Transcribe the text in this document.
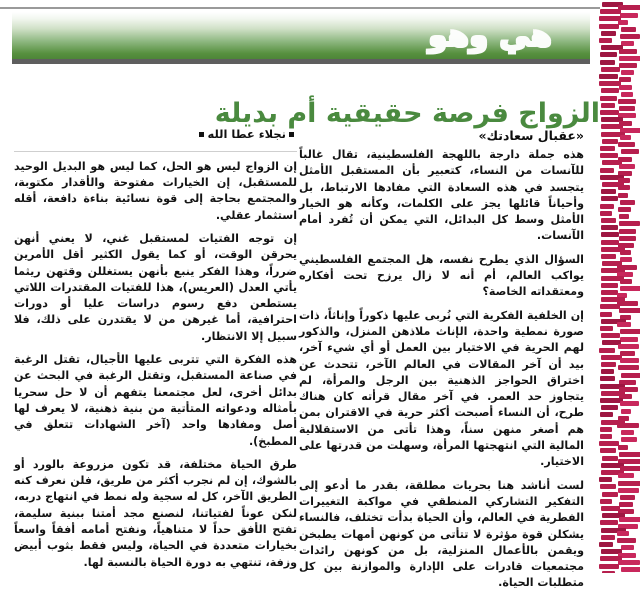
هي وهو
الزواج فرصة حقيقية أم بديلة
«عقبال سعادتك»

هذه جملة دارجة باللهجة الفلسطينية، تقال غالباً للآنسات من النساء، كتعبير بأن المستقبل الأمثل يتجسد في هذه السعادة التي مفادها الارتباط، بل وأحياناً قائلها يجز على الكلمات، وكأنه هو الخيار الأمثل وسط كل البدائل، التي يمكن أن تُفرد أمام الآنسات.

السؤال الذي يطرح نفسه، هل المجتمع الفلسطيني يواكب العالم، أم أنه لا زال يرزح تحت أفكاره ومعتقداته الخاصة؟

إن الخلفية الفكرية التي نُربى عليها ذكوراً وإناثاً، ذات صورة نمطية واحدة، الإناث ملاذهن المنزل، والذكور لهم الحرية في الاختيار بين العمل أو أي شيء آخر، بيد أن آخر المقالات في العالم الآخر، تتحدث عن اختراق الحواجز الذهنية بين الرجل والمرأة، لم يتجاوز حد العمر. في آخر مقال قرأته كان هناك طرح، أن النساء أصبحت أكثر حرية في الاقتران بمن هم أصغر منهن سناً، وهذا تأتى من الاستقلالية المالية التي انتهجتها المرأة، وسهلت من قدرتها على الاختيار.

لست أناشد هنا بحريات مطلقة، بقدر ما أدعو إلى التفكير التشاركي المنطقي في مواكبة التغييرات الفطرية في العالم، وأن الحياة بدأت تختلف، فالنساء يشكلن قوة مؤثرة لا تتأتى من كونهن أمهات يطبخن ويقمن بالأعمال المنزلية، بل من كونهن رائدات مجتمعيات قادرات على الإدارة والموازنة بين كل متطلبات الحياة.

نجلاء عطا الله

إن الزواج ليس هو الحل، كما ليس هو البديل الوحيد للمستقبل، إن الخيارات مفتوحة والأقدار مكتوبة، والمجتمع بحاجة إلى قوة نسائية بناءة دافعة، أقله استثمار عقلي.

إن توجه الفتيات لمستقبل غني، لا يعني أنهن يحرقن الوقت، أو كما يقول الكثير أقل الأمرين ضرراً، وهذا الفكر ينبع بأنهن يستغللن وقتهن ريثما يأتي العدل (العريس)، هذا للفتيات المقتدرات اللاتي يستطعن دفع رسوم دراسات عليا أو دورات احترافية، أما غيرهن من لا يقتدرن على ذلك، فلا سبيل إلا الانتظار.

هذه الفكرة التي تتربى عليها الأجيال، تقتل الرغبة في صناعة المستقبل، وتقتل الرغبة في البحث عن بدائل أخرى، لعل مجتمعنا يتفهم أن لا حل سحريا بأمثاله ودعواته المتأتية من بنية ذهنية، لا يعرف لها أصل ومفادها واحد (آخر الشهادات تتعلق في المطبخ).

طرق الحياة مختلفة، قد تكون مزروعة بالورد أو بالشوك، إن لم نجرب أكثر من طريق، فلن نعرف كنه الطريق الآخر، كل له سجية وله نمط في انتهاج دربه، لنكن عوناً لفتياتنا، لنصنع مجد أمتنا ببنية سليمة، تفتح الأفق حداً لا متناهياً، ونفتح أمامه أفقاً واسعاً بخيارات متعددة في الحياة، وليس فقط بثوب أبيض وزفة، تنتهي به دورة الحياة بالنسبة لها.
